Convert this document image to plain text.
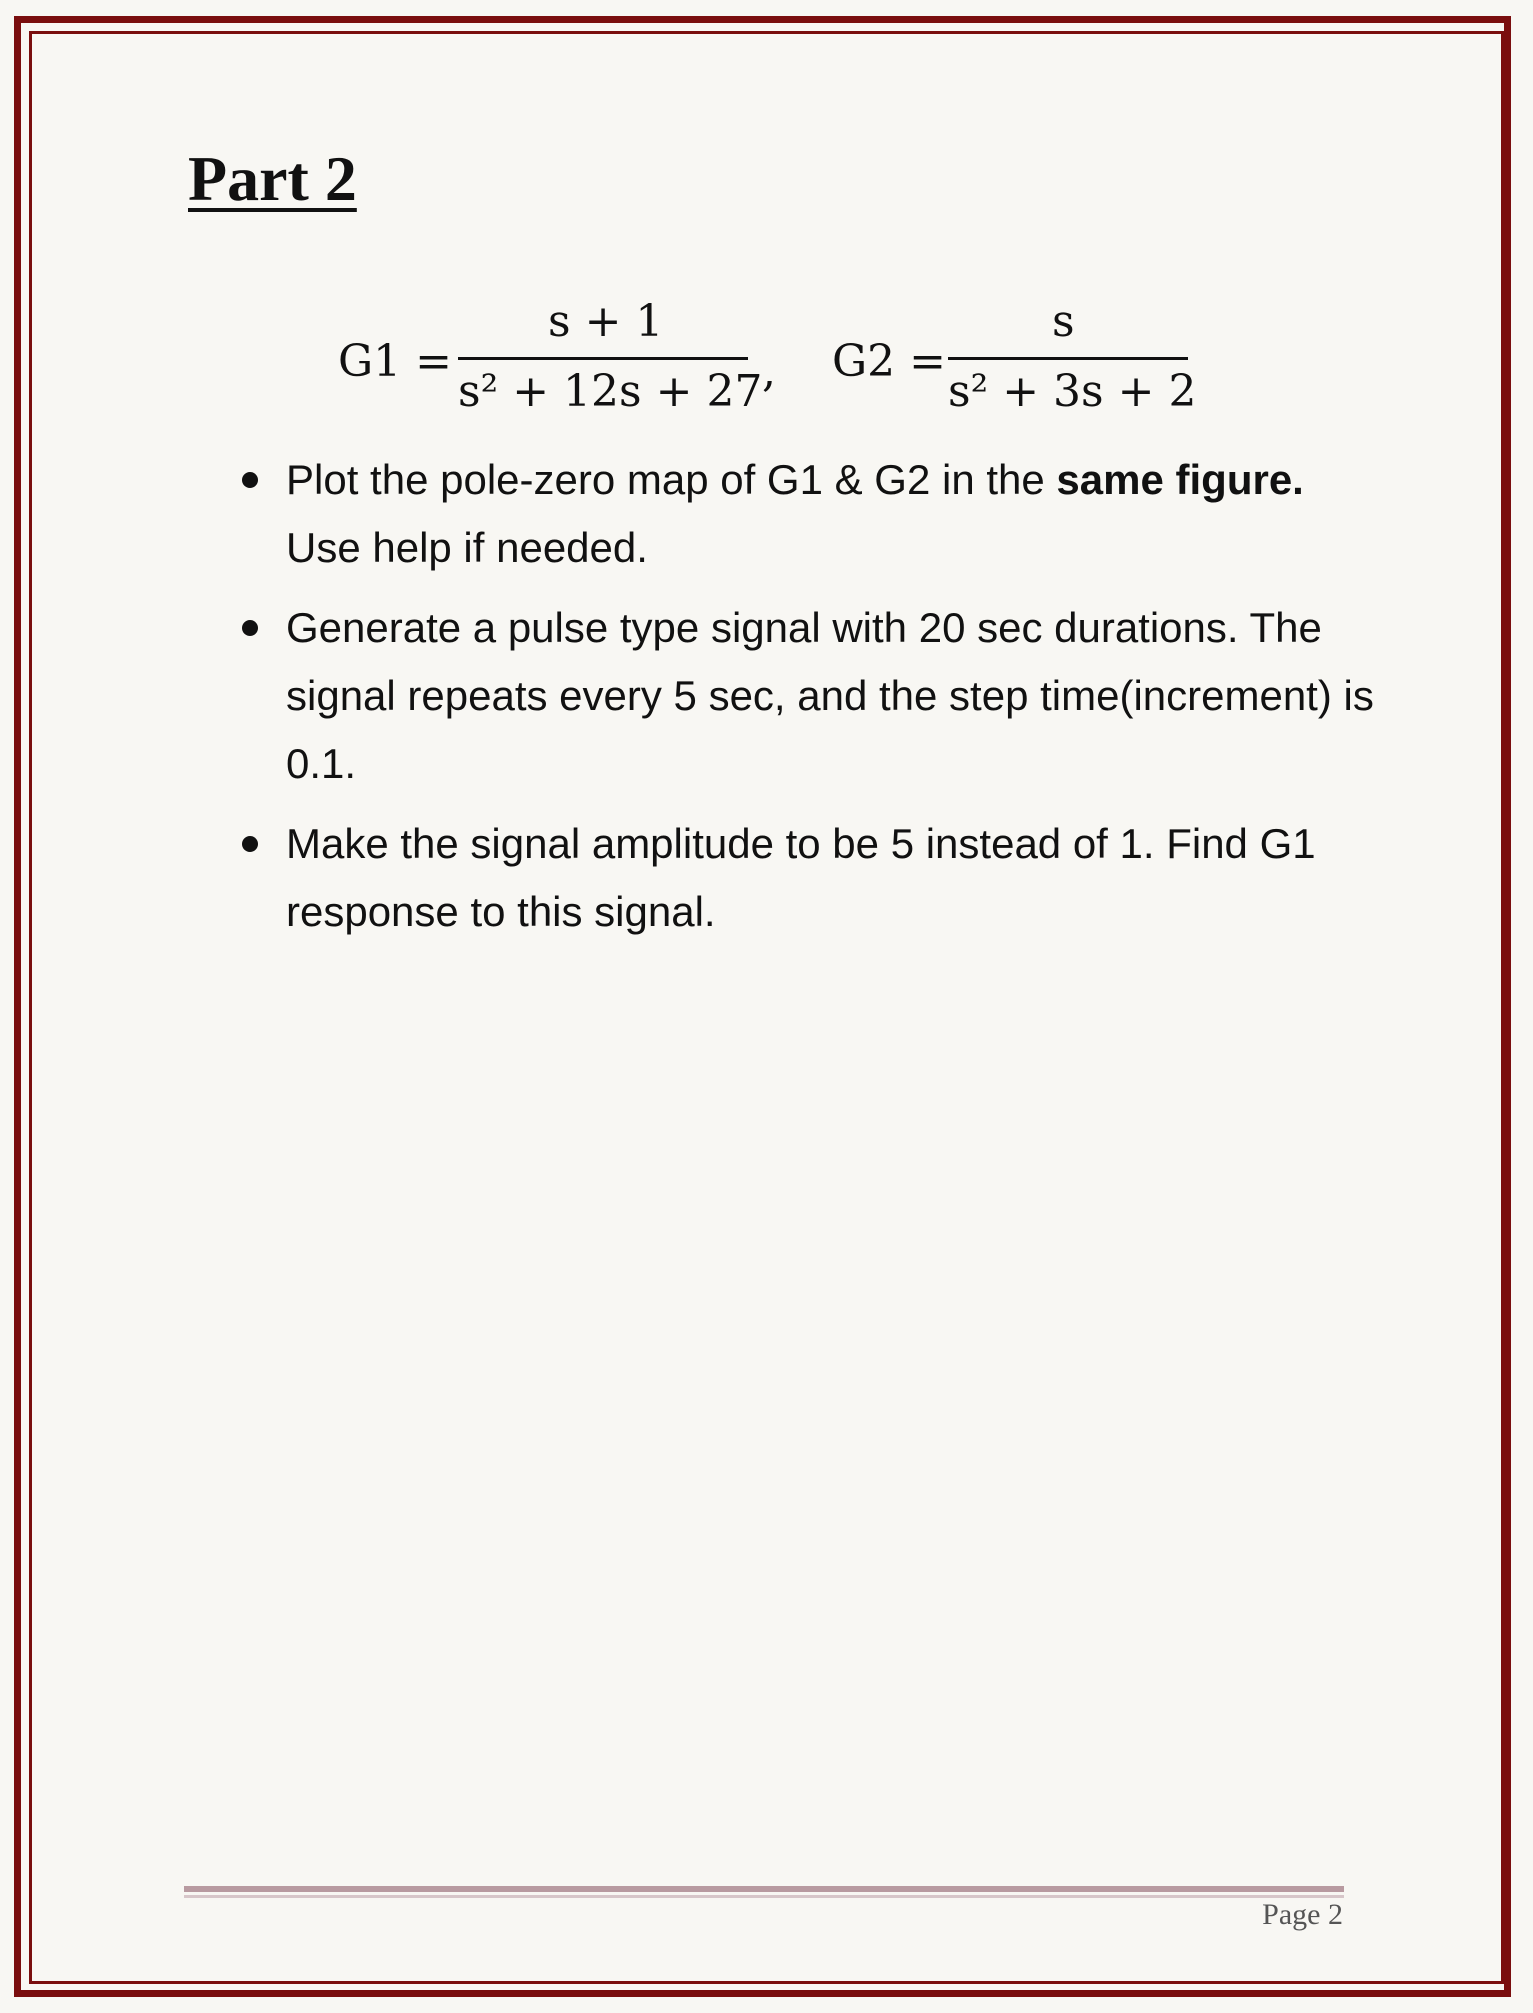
Part 2
G1 =
s + 1
s² + 12s + 27 , G2 =
s
s² + 3s + 2
Plot the pole-zero map of G1 & G2 in the same figure. Use help if needed.
Generate a pulse type signal with 20 sec durations. The signal repeats every 5 sec, and the step time(increment) is 0.1.
Make the signal amplitude to be 5 instead of 1. Find G1 response to this signal.
Page 2
